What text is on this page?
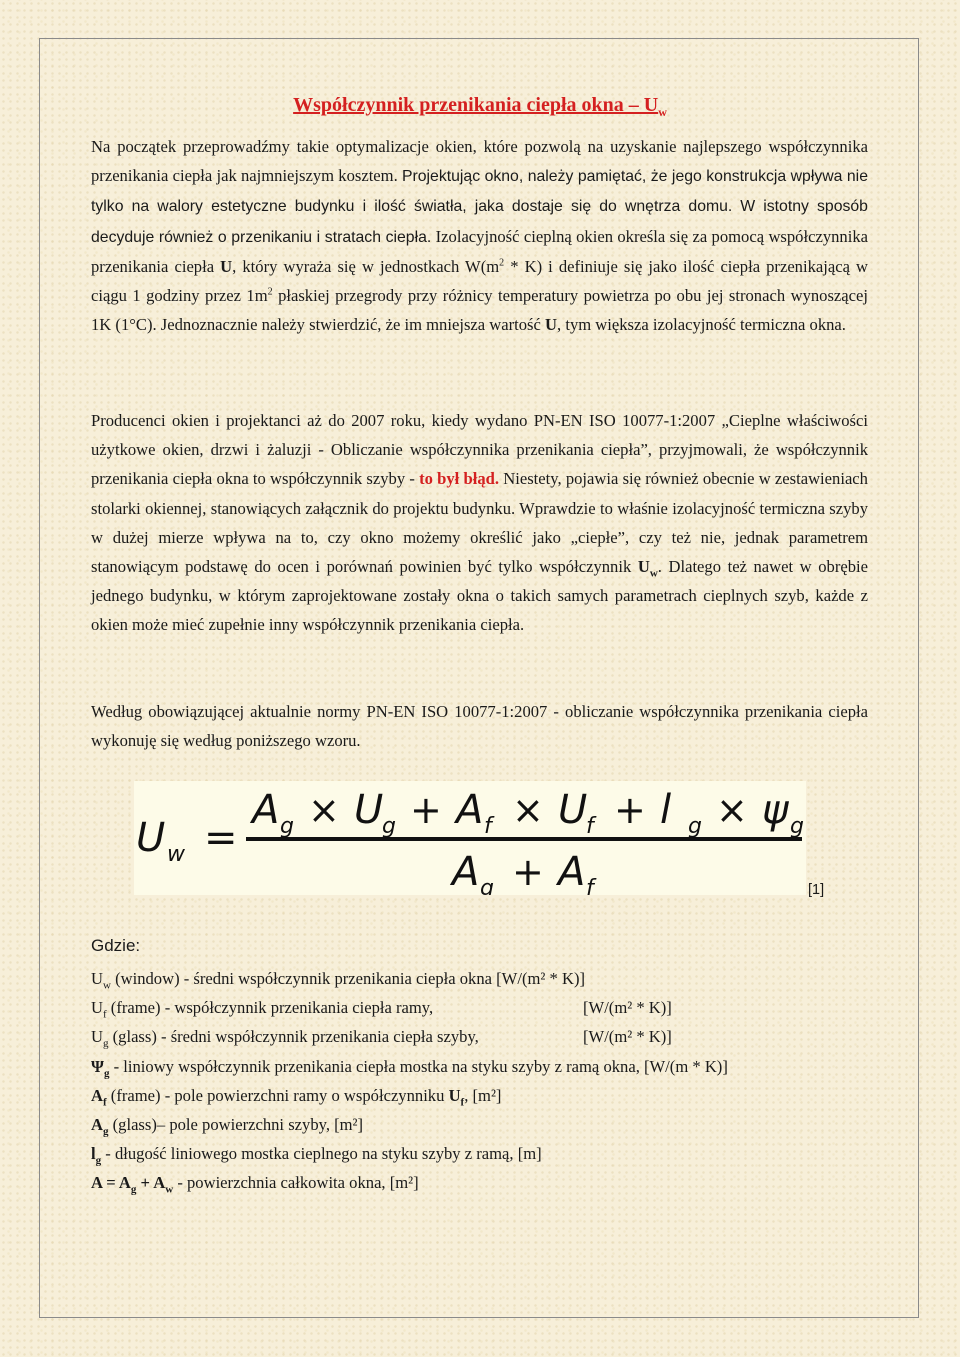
Współczynnik przenikania ciepła okna – $U_w$

Na początek przeprowadźmy takie optymalizacje okien, które pozwolą na uzyskanie najlepszego współczynnika przenikania ciepła jak najmniejszym kosztem. Projektując okno, należy pamiętać, że jego konstrukcja wpływa nie tylko na walory estetyczne budynku i ilość światła, jaka dostaje się do wnętrza domu. W istotny sposób decyduje również o przenikaniu i stratach ciepła. Izolacyjność cieplną okien określa się za pomocą współczynnika przenikania ciepła U, który wyraża się w jednostkach $W(m^2 * K)$ i definiuje się jako ilość ciepła przenikającą w ciągu 1 godziny przez $1m^2$ płaskiej przegrody przy różnicy temperatury powietrza po obu jej stronach wynoszącej 1K (1°C). Jednoznacznie należy stwierdzić, że im mniejsza wartość U, tym większa izolacyjność termiczna okna.

Producenci okien i projektanci aż do 2007 roku, kiedy wydano PN-EN ISO 10077-1:2007 „Cieplne właściwości użytkowe okien, drzwi i żaluzji - Obliczanie współczynnika przenikania ciepła”, przyjmowali, że współczynnik przenikania ciepła okna to współczynnik szyby - to był błąd. Niestety, pojawia się również obecnie w zestawieniach stolarki okiennej, stanowiących załącznik do projektu budynku. Wprawdzie to właśnie izolacyjność termiczna szyby w dużej mierze wpływa na to, czy okno możemy określić jako „ciepłe”, czy też nie, jednak parametrem stanowiącym podstawę do ocen i porównań powinien być tylko współczynnik $U_w$. Dlatego też nawet w obrębie jednego budynku, w którym zaprojektowane zostały okna o takich samych parametrach cieplnych szyb, każde z okien może mieć zupełnie inny współczynnik przenikania ciepła.

Według obowiązującej aktualnie normy PN-EN ISO 10077-1:2007 - obliczanie współczynnika przenikania ciepła wykonuję się według poniższego wzoru.

U w =
A g × U
g + A f × U
f + l g × ψ g
A g + A f	[1]
Gdzie:
$U_w$ (window) - średni współczynnik przenikania ciepła okna [W/(m² * K)]
$U_f$ (frame) - współczynnik przenikania ciepła ramy,	[W/(m² * K)]
$U_g$ (glass) - średni współczynnik przenikania ciepła szyby,	[W/(m² * K)]
$\Psi_g$ - liniowy współczynnik przenikania ciepła mostka na styku szyby z ramą okna, [W/(m * K)]
$A_f$ (frame) - pole powierzchni ramy o współczynniku $U_f$, [m²]
$A_g$ (glass)– pole powierzchni szyby, [m²]
$l_g$ - długość liniowego mostka cieplnego na styku szyby z ramą, [m]
$A = A_g + A_w$ - powierzchnia całkowita okna, [m²]
